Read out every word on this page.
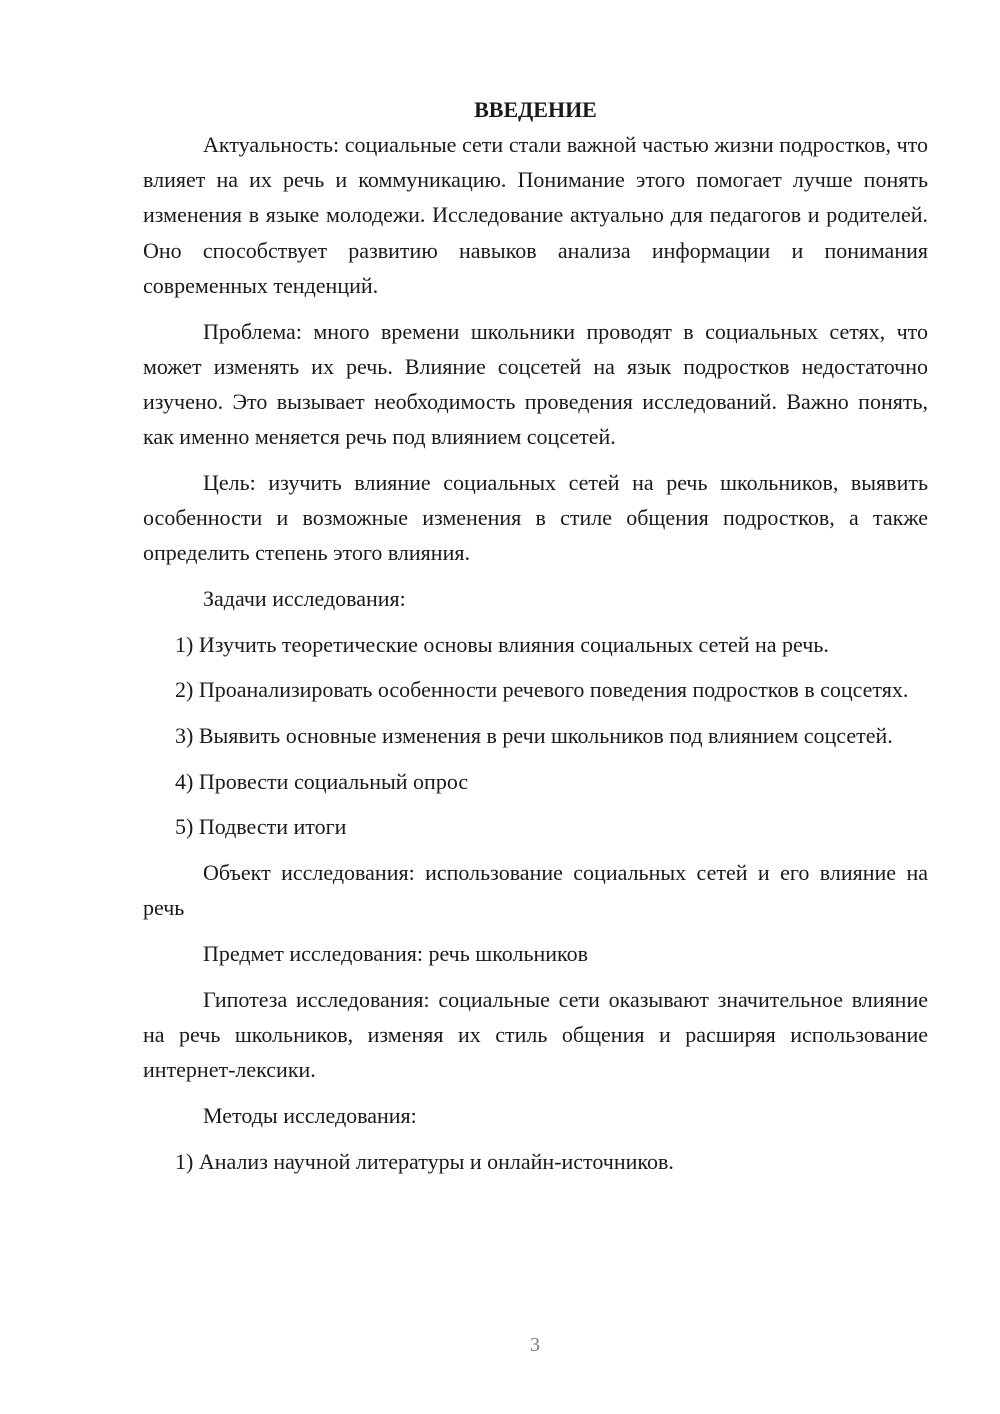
ВВЕДЕНИЕ

Актуальность: социальные сети стали важной частью жизни подростков, что влияет на их речь и коммуникацию. Понимание этого помогает лучше понять изменения в языке молодежи. Исследование актуально для педагогов и родителей. Оно способствует развитию навыков анализа информации и понимания современных тенденций.

Проблема: много времени школьники проводят в социальных сетях, что может изменять их речь. Влияние соцсетей на язык подростков недостаточно изучено. Это вызывает необходимость проведения исследований. Важно понять, как именно меняется речь под влиянием соцсетей.

Цель: изучить влияние социальных сетей на речь школьников, выявить особенности и возможные изменения в стиле общения подростков, а также определить степень этого влияния.

Задачи исследования:

1) Изучить теоретические основы влияния социальных сетей на речь.

2) Проанализировать особенности речевого поведения подростков в соцсетях.

3) Выявить основные изменения в речи школьников под влиянием соцсетей.

4) Провести социальный опрос

5) Подвести итоги

Объект исследования: использование социальных сетей и его влияние на речь

Предмет исследования: речь школьников

Гипотеза исследования: социальные сети оказывают значительное влияние на речь школьников, изменяя их стиль общения и расширяя использование интернет-лексики.

Методы исследования:

1) Анализ научной литературы и онлайн-источников.

3
